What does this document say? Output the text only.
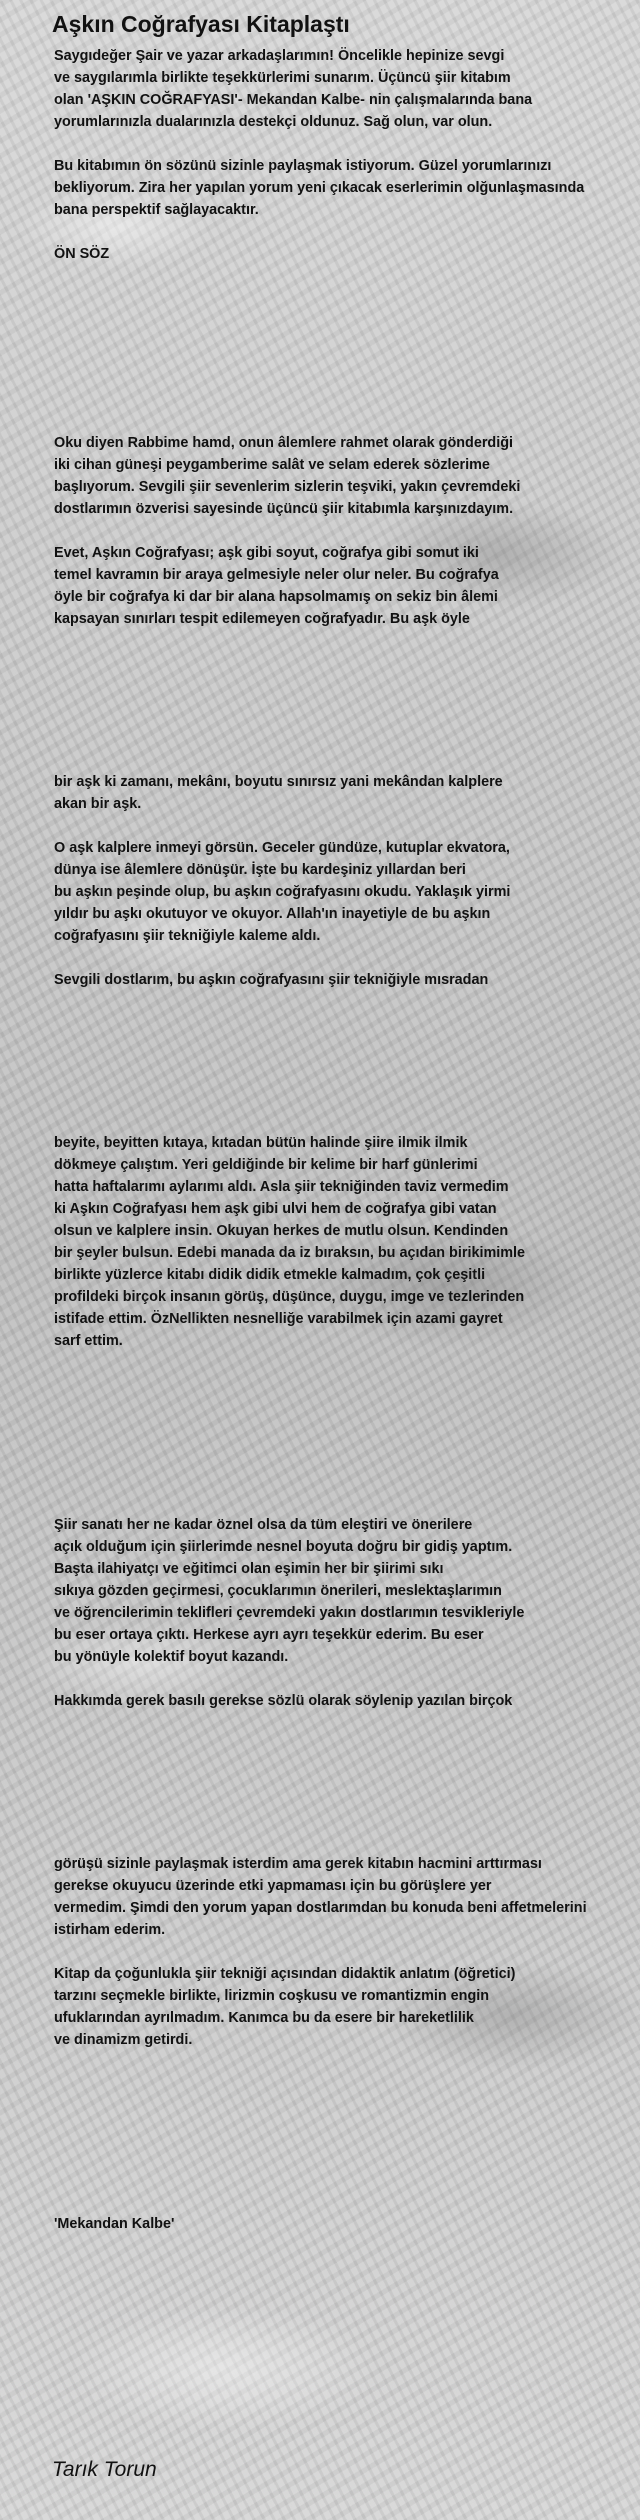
Aşkın Coğrafyası Kitaplaştı
Saygıdeğer Şair ve yazar arkadaşlarımın! Öncelikle hepinize sevgi
ve saygılarımla birlikte teşekkürlerimi sunarım. Üçüncü şiir kitabım
olan 'AŞKIN COĞRAFYASI'- Mekandan Kalbe- nin çalışmalarında bana
yorumlarınızla dualarınızla destekçi oldunuz. Sağ olun, var olun.
Bu kitabımın ön sözünü sizinle paylaşmak istiyorum. Güzel yorumlarınızı
bekliyorum. Zira her yapılan yorum yeni çıkacak eserlerimin olğunlaşmasında
bana perspektif sağlayacaktır.
ÖN SÖZ
Oku diyen Rabbime hamd, onun âlemlere rahmet olarak gönderdiği
iki cihan güneşi peygamberime salât ve selam ederek sözlerime
başlıyorum. Sevgili şiir sevenlerim sizlerin teşviki, yakın çevremdeki
dostlarımın özverisi sayesinde üçüncü şiir kitabımla karşınızdayım.
Evet, Aşkın Coğrafyası; aşk gibi soyut, coğrafya gibi somut iki
temel kavramın bir araya gelmesiyle neler olur neler. Bu coğrafya
öyle bir coğrafya ki dar bir alana hapsolmamış on sekiz bin âlemi
kapsayan sınırları tespit edilemeyen coğrafyadır. Bu aşk öyle
bir aşk ki zamanı, mekânı, boyutu sınırsız yani mekândan kalplere
akan bir aşk.
O aşk kalplere inmeyi görsün. Geceler gündüze, kutuplar ekvatora,
dünya ise âlemlere dönüşür. İşte bu kardeşiniz yıllardan beri
bu aşkın peşinde olup, bu aşkın coğrafyasını okudu. Yaklaşık yirmi
yıldır bu aşkı okutuyor ve okuyor. Allah'ın inayetiyle de bu aşkın
coğrafyasını şiir tekniğiyle kaleme aldı.
Sevgili dostlarım, bu aşkın coğrafyasını şiir tekniğiyle mısradan
beyite, beyitten kıtaya, kıtadan bütün halinde şiire ilmik ilmik
dökmeye çalıştım. Yeri geldiğinde bir kelime bir harf günlerimi
hatta haftalarımı aylarımı aldı. Asla şiir tekniğinden taviz vermedim
ki Aşkın Coğrafyası hem aşk gibi ulvi hem de coğrafya gibi vatan
olsun ve kalplere insin. Okuyan herkes de mutlu olsun. Kendinden
bir şeyler bulsun. Edebi manada da iz bıraksın, bu açıdan birikimimle
birlikte yüzlerce kitabı didik didik etmekle kalmadım, çok çeşitli
profildeki birçok insanın görüş, düşünce, duygu, imge ve tezlerinden
istifade ettim. ÖzNellikten nesnelliğe varabilmek için azami gayret
sarf ettim.
Şiir sanatı her ne kadar öznel olsa da tüm eleştiri ve önerilere
açık olduğum için şiirlerimde nesnel boyuta doğru bir gidiş yaptım.
Başta ilahiyatçı ve eğitimci olan eşimin her bir şiirimi sıkı
sıkıya gözden geçirmesi, çocuklarımın önerileri, meslektaşlarımın
ve öğrencilerimin teklifleri çevremdeki yakın dostlarımın tesvikleriyle
bu eser ortaya çıktı. Herkese ayrı ayrı teşekkür ederim. Bu eser
bu yönüyle kolektif boyut kazandı.
Hakkımda gerek basılı gerekse sözlü olarak söylenip yazılan birçok
görüşü sizinle paylaşmak isterdim ama gerek kitabın hacmini arttırması
gerekse okuyucu üzerinde etki yapmaması için bu görüşlere yer
vermedim. Şimdi den yorum yapan dostlarımdan bu konuda beni affetmelerini
istirham ederim.
Kitap da çoğunlukla şiir tekniği açısından didaktik anlatım (öğretici)
tarzını seçmekle birlikte, lirizmin coşkusu ve romantizmin engin
ufuklarından ayrılmadım. Kanımca bu da esere bir hareketlilik
ve dinamizm getirdi.
'Mekandan Kalbe'
Tarık Torun
